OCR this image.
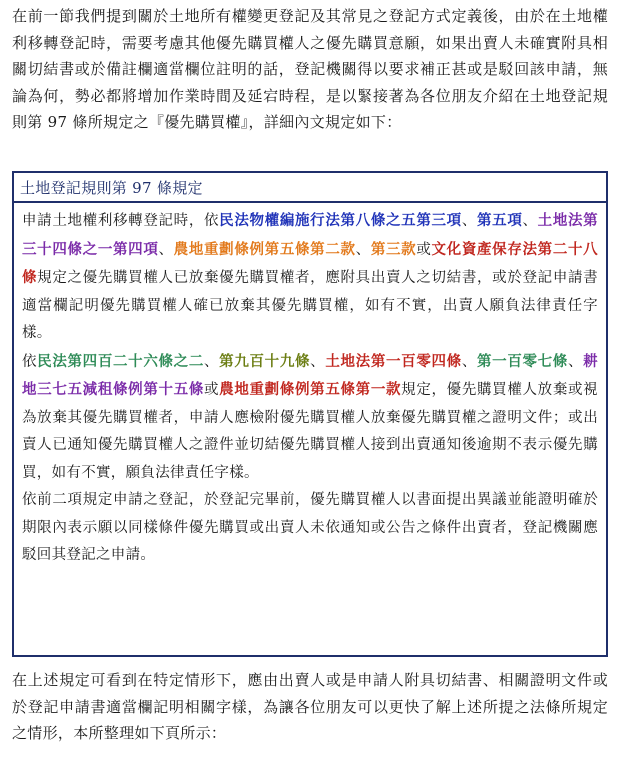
在前一節我們提到關於土地所有權變更登記及其常見之登記方式定義後，由於在土地權利移轉登記時，需要考慮其他優先購買權人之優先購買意願，如果出賣人未確實附具相關切結書或於備註欄適當欄位註明的話，登記機關得以要求補正甚或是駁回該申請，無論為何，勢必都將增加作業時間及延宕時程，是以緊接著為各位朋友介紹在土地登記規則第 97 條所規定之『優先購買權』，詳細內文規定如下：

土地登記規則第 97 條規定

申請土地權利移轉登記時，依民法物權編施行法第八條之五第三項、第五項、土地法第三十四條之一第四項、農地重劃條例第五條第二款、第三款或文化資產保存法第二十八條規定之優先購買權人已放棄優先購買權者，應附具出賣人之切結書，或於登記申請書適當欄記明優先購買權人確已放棄其優先購買權，如有不實，出賣人願負法律責任字樣。

依民法第四百二十六條之二、第九百十九條、土地法第一百零四條、第一百零七條、耕地三七五減租條例第十五條或農地重劃條例第五條第一款規定，優先購買權人放棄或視為放棄其優先購買權者，申請人應檢附優先購買權人放棄優先購買權之證明文件；或出賣人已通知優先購買權人之證件並切結優先購買權人接到出賣通知後逾期不表示優先購買，如有不實，願負法律責任字樣。

依前二項規定申請之登記，於登記完畢前，優先購買權人以書面提出異議並能證明確於期限內表示願以同樣條件優先購買或出賣人未依通知或公告之條件出賣者，登記機關應駁回其登記之申請。

在上述規定可看到在特定情形下，應由出賣人或是申請人附具切結書、相關證明文件或於登記申請書適當欄記明相關字樣，為讓各位朋友可以更快了解上述所提之法條所規定之情形，本所整理如下頁所示：
